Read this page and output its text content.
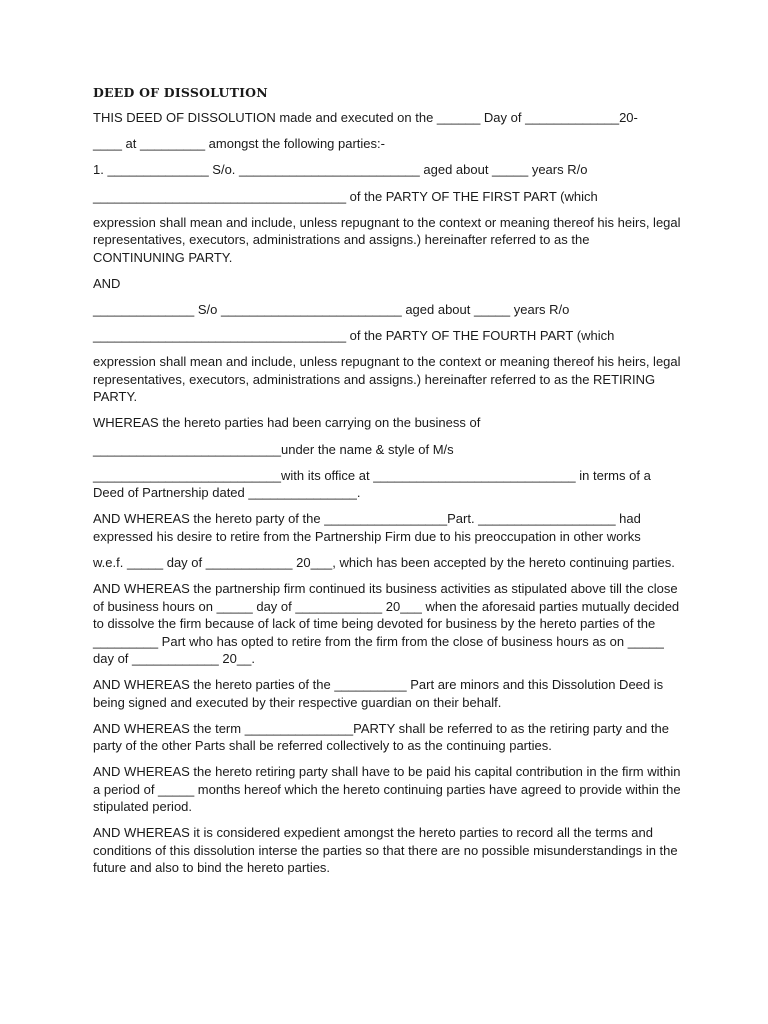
DEED OF DISSOLUTION

THIS DEED OF DISSOLUTION made and executed on the ______ Day of _____________20-

____ at _________ amongst the following parties:-

1. ______________ S/o. _________________________ aged about _____ years R/o

___________________________________ of the PARTY OF THE FIRST PART (which

expression shall mean and include, unless repugnant to the context or meaning thereof his heirs, legal representatives, executors, administrations and assigns.) hereinafter referred to as the CONTINUNING PARTY.

AND

______________ S/o _________________________ aged about _____ years R/o

___________________________________ of the PARTY OF THE FOURTH PART (which

expression shall mean and include, unless repugnant to the context or meaning thereof his heirs, legal representatives, executors, administrations and assigns.) hereinafter referred to as the RETIRING PARTY.

WHEREAS the hereto parties had been carrying on the business of

__________________________under the name & style of M/s

__________________________with its office at ____________________________ in terms of a Deed of Partnership dated _______________.

AND WHEREAS the hereto party of the _________________Part. ___________________ had expressed his desire to retire from the Partnership Firm due to his preoccupation in other works

w.e.f. _____ day of ____________ 20___, which has been accepted by the hereto continuing parties.

AND WHEREAS the partnership firm continued its business activities as stipulated above till the close of business hours on _____ day of ____________ 20___ when the aforesaid parties mutually decided to dissolve the firm because of lack of time being devoted for business by the hereto parties of the _________ Part who has opted to retire from the firm from the close of business hours as on _____ day of ____________ 20__.

AND WHEREAS the hereto parties of the __________ Part are minors and this Dissolution Deed is being signed and executed by their respective guardian on their behalf.

AND WHEREAS the term _______________PARTY shall be referred to as the retiring party and the party of the other Parts shall be referred collectively to as the continuing parties.

AND WHEREAS the hereto retiring party shall have to be paid his capital contribution in the firm within a period of _____ months hereof which the hereto continuing parties have agreed to provide within the stipulated period.

AND WHEREAS it is considered expedient amongst the hereto parties to record all the terms and conditions of this dissolution interse the parties so that there are no possible misunderstandings in the future and also to bind the hereto parties.
